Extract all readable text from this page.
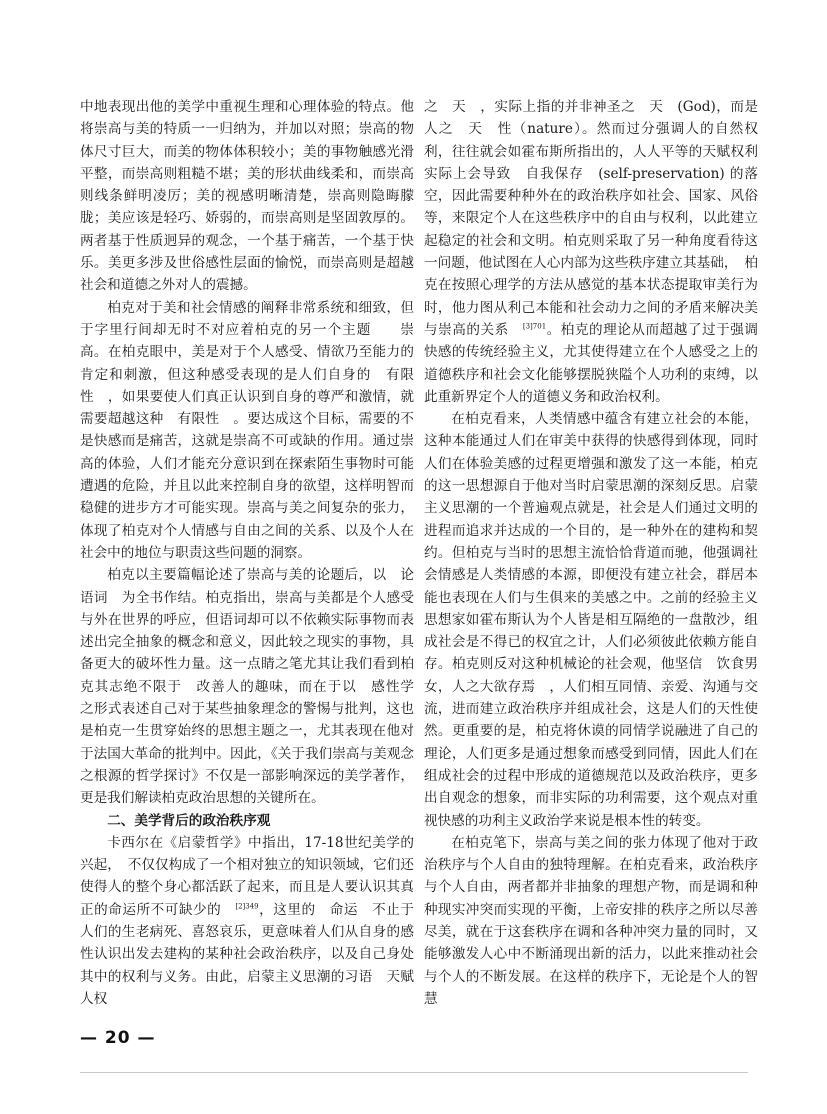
中地表现出他的美学中重视生理和心理体验的特点。他将崇高与美的特质一一归纳为，并加以对照；崇高的物体尺寸巨大，而美的物体体积较小；美的事物触感光滑平整，而崇高则粗糙不堪；美的形状曲线柔和，而崇高则线条鲜明凌厉；美的视感明晰清楚，崇高则隐晦朦胧；美应该是轻巧、娇弱的，而崇高则是坚固敦厚的。两者基于性质迥异的观念，一个基于痛苦，一个基于快乐。美更多涉及世俗感性层面的愉悦，而崇高则是超越社会和道德之外对人的震撼。

柏克对于美和社会情感的阐释非常系统和细致，但于字里行间却无时不对应着柏克的另一个主题　　崇高。在柏克眼中，美是对于个人感受、情欲乃至能力的肯定和刺激，但这种感受表现的是人们自身的　有限性　，如果要使人们真正认识到自身的尊严和激情，就需要超越这种　有限性　。要达成这个目标，需要的不是快感而是痛苦，这就是崇高不可或缺的作用。通过崇高的体验，人们才能充分意识到在探索陌生事物时可能遭遇的危险，并且以此来控制自身的欲望，这样明智而稳健的进步方才可能实现。崇高与美之间复杂的张力，体现了柏克对个人情感与自由之间的关系、以及个人在社会中的地位与职责这些问题的洞察。

柏克以主要篇幅论述了崇高与美的论题后，以　论语词　为全书作结。柏克指出，崇高与美都是个人感受与外在世界的呼应，但语词却可以不依赖实际事物而表述出完全抽象的概念和意义，因此较之现实的事物，具备更大的破坏性力量。这一点睛之笔尤其让我们看到柏克其志绝不限于　改善人的趣味，而在于以　感性学　之形式表述自己对于某些抽象理念的警惕与批判，这也是柏克一生贯穿始终的思想主题之一，尤其表现在他对于法国大革命的批判中。因此，《关于我们崇高与美观念之根源的哲学探讨》不仅是一部影响深远的美学著作，更是我们解读柏克政治思想的关键所在。

二、美学背后的政治秩序观

卡西尔在《启蒙哲学》中指出，17-18世纪美学的兴起，　不仅仅构成了一个相对独立的知识领域，它们还使得人的整个身心都活跃了起来，而且是人要认识其真正的命运所不可缺少的　$^{[2]349}$，这里的　命运　不止于人们的生老病死、喜怒哀乐，更意味着人们从自身的感性认识出发去建构的某种社会政治秩序，以及自己身处其中的权利与义务。由此，启蒙主义思潮的习语　天赋人权

之　天　，实际上指的并非神圣之　天　(God)，而是人之　天　性（nature）。然而过分强调人的自然权利，往往就会如霍布斯所指出的，人人平等的天赋权利实际上会导致　自我保存　(self-preservation) 的落空，因此需要种种外在的政治秩序如社会、国家、风俗等，来限定个人在这些秩序中的自由与权利，以此建立起稳定的社会和文明。柏克则采取了另一种角度看待这一问题，他试图在人心内部为这些秩序建立其基础，　柏克在按照心理学的方法从感觉的基本状态提取审美行为时，他力图从利己本能和社会动力之间的矛盾来解决美与崇高的关系　$^{[3]701}$。柏克的理论从而超越了过于强调快感的传统经验主义，尤其使得建立在个人感受之上的道德秩序和社会文化能够摆脱狭隘个人功利的束缚，以此重新界定个人的道德义务和政治权利。

在柏克看来，人类情感中蕴含有建立社会的本能，这种本能通过人们在审美中获得的快感得到体现，同时人们在体验美感的过程更增强和激发了这一本能，柏克的这一思想源自于他对当时启蒙思潮的深刻反思。启蒙主义思潮的一个普遍观点就是，社会是人们通过文明的进程而追求并达成的一个目的，是一种外在的建构和契约。但柏克与当时的思想主流恰恰背道而驰，他强调社会情感是人类情感的本源，即便没有建立社会，群居本能也表现在人们与生俱来的美感之中。之前的经验主义思想家如霍布斯认为个人皆是相互隔绝的一盘散沙，组成社会是不得已的权宜之计，人们必须彼此依赖方能自存。柏克则反对这种机械论的社会观，他坚信　饮食男女，人之大欲存焉　，人们相互同情、亲爱、沟通与交流，进而建立政治秩序并组成社会，这是人们的天性使然。更重要的是，柏克将休谟的同情学说融进了自己的理论，人们更多是通过想象而感受到同情，因此人们在组成社会的过程中形成的道德规范以及政治秩序，更多出自观念的想象，而非实际的功利需要，这个观点对重视快感的功利主义政治学来说是根本性的转变。

在柏克笔下，崇高与美之间的张力体现了他对于政治秩序与个人自由的独特理解。在柏克看来，政治秩序与个人自由，两者都并非抽象的理想产物，而是调和种种现实冲突而实现的平衡，上帝安排的秩序之所以尽善尽美，就在于这套秩序在调和各种冲突力量的同时，又能够激发人心中不断涌现出新的活力，以此来推动社会与个人的不断发展。在这样的秩序下，无论是个人的智慧

— 20 —
